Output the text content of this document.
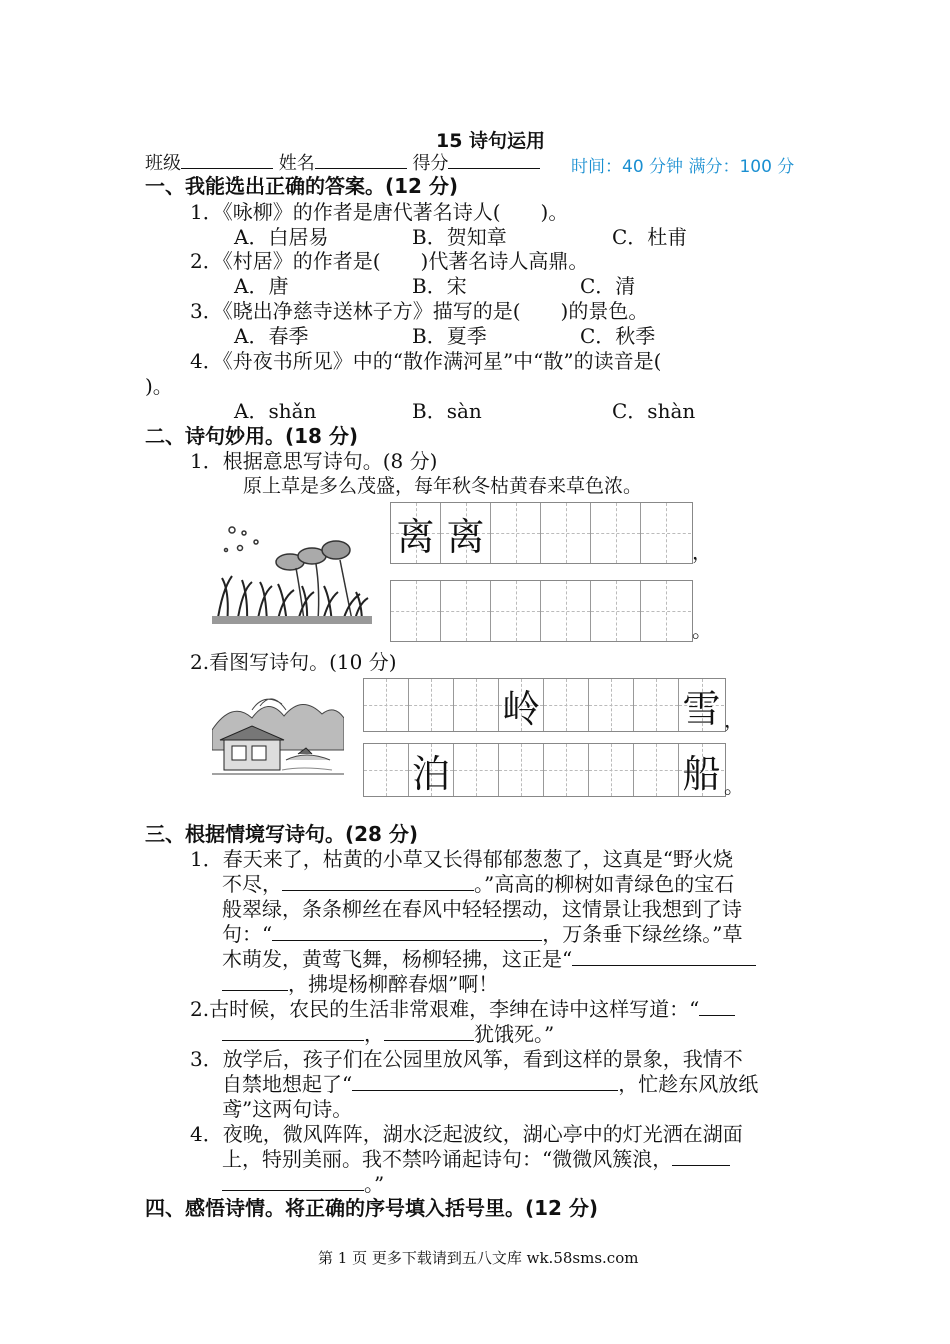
15 诗句运用
班级	姓名	得分	时间：40 分钟 满分：100 分
一、我能选出正确的答案。(12 分)
1．《咏柳》的作者是唐代著名诗人(　　)。
A．白居易	B．贺知章	C．杜甫
2．《村居》的作者是(　　)代著名诗人高鼎。
A．唐	B．宋	C．清
3．《晓出净慈寺送林子方》描写的是(　　)的景色。
A．春季	B．夏季	C．秋季
4．《舟夜书所见》中的“散作满河星”中“散”的读音是(
)。
A．shǎn	B．sàn	C．shàn
二、诗句妙用。(18 分)
1．根据意思写诗句。(8 分)
原上草是多么茂盛，每年秋冬枯黄春来草色浓。
离 离	，
。
2.看图写诗句。(10 分)
岭	雪 ，
泊	船 。
三、根据情境写诗句。(28 分)
1．春天来了，枯黄的小草又长得郁郁葱葱了，这真是“野火烧
不尽，	。”高高的柳树如青绿色的宝石
般翠绿，条条柳丝在春风中轻轻摆动，这情景让我想到了诗
句：“	，万条垂下绿丝绦。”草
木萌发，黄莺飞舞，杨柳轻拂，这正是“
，拂堤杨柳醉春烟”啊！
2.古时候，农民的生活非常艰难，李绅在诗中这样写道：“
，	犹饿死。”
3．放学后，孩子们在公园里放风筝，看到这样的景象，我情不
自禁地想起了“	，忙趁东风放纸
鸢”这两句诗。
4．夜晚，微风阵阵，湖水泛起波纹，湖心亭中的灯光洒在湖面
上，特别美丽。我不禁吟诵起诗句：“微微风簇浪，
。”
四、感悟诗情。将正确的序号填入括号里。(12 分)
第 1 页 更多下载请到五八文库 wk.58sms.com
